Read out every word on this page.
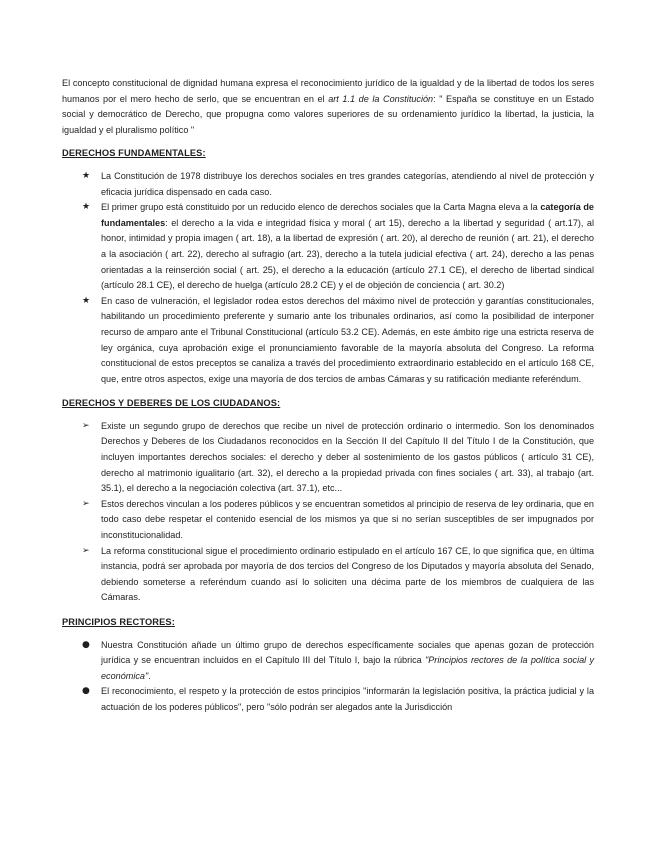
El concepto constitucional de dignidad humana expresa el reconocimiento jurídico de la igualdad y de la libertad de todos los seres humanos por el mero hecho de serlo, que se encuentran en el art 1.1 de la Constitución: " España se constituye en un Estado social y democrático de Derecho, que propugna como valores superiores de su ordenamiento jurídico la libertad, la justicia, la igualdad y el pluralismo político "

DERECHOS FUNDAMENTALES:
★	La Constitución de 1978 distribuye los derechos sociales en tres grandes categorías, atendiendo al nivel de protección y eficacia jurídica dispensado en cada caso.
★	El primer grupo está constituido por un reducido elenco de derechos sociales que la Carta Magna eleva a la categoría de fundamentales: el derecho a la vida e integridad física y moral ( art 15), derecho a la libertad y seguridad ( art.17), al honor, intimidad y propia imagen ( art. 18), a la libertad de expresión ( art. 20), al derecho de reunión ( art. 21), el derecho a la asociación ( art. 22), derecho al sufragio (art. 23), derecho a la tutela judicial efectiva ( art. 24), derecho a las penas orientadas a la reinserción social ( art. 25), el derecho a la educación (artículo 27.1 CE), el derecho de libertad sindical (artículo 28.1 CE), el derecho de huelga (artículo 28.2 CE) y el de objeción de conciencia ( art. 30.2)
★	En caso de vulneración, el legislador rodea estos derechos del máximo nivel de protección y garantías constitucionales, habilitando un procedimiento preferente y sumario ante los tribunales ordinarios, así como la posibilidad de interponer recurso de amparo ante el Tribunal Constitucional (artículo 53.2 CE). Además, en este ámbito rige una estricta reserva de ley orgánica, cuya aprobación exige el pronunciamiento favorable de la mayoría absoluta del Congreso. La reforma constitucional de estos preceptos se canaliza a través del procedimiento extraordinario establecido en el artículo 168 CE, que, entre otros aspectos, exige una mayoría de dos tercios de ambas Cámaras y su ratificación mediante referéndum.
DERECHOS Y DEBERES DE LOS CIUDADANOS:
➢	Existe un segundo grupo de derechos que recibe un nivel de protección ordinario o intermedio. Son los denominados Derechos y Deberes de los Ciudadanos reconocidos en la Sección II del Capítulo II del Título I de la Constitución, que incluyen importantes derechos sociales: el derecho y deber al sostenimiento de los gastos públicos ( artículo 31 CE), derecho al matrimonio igualitario (art. 32), el derecho a la propiedad privada con fines sociales ( art. 33), al trabajo (art. 35.1), el derecho a la negociación colectiva (art. 37.1), etc...
➢	Estos derechos vinculan a los poderes públicos y se encuentran sometidos al principio de reserva de ley ordinaria, que en todo caso debe respetar el contenido esencial de los mismos ya que si no serían susceptibles de ser impugnados por inconstitucionalidad.
➢	La reforma constitucional sigue el procedimiento ordinario estipulado en el artículo 167 CE, lo que significa que, en última instancia, podrá ser aprobada por mayoría de dos tercios del Congreso de los Diputados y mayoría absoluta del Senado, debiendo someterse a referéndum cuando así lo soliciten una décima parte de los miembros de cualquiera de las Cámaras.
PRINCIPIOS RECTORES:
●	Nuestra Constitución añade un último grupo de derechos específicamente sociales que apenas gozan de protección jurídica y se encuentran incluidos en el Capítulo III del Título I, bajo la rúbrica "Principios rectores de la política social y económica".
●	El reconocimiento, el respeto y la protección de estos principios "informarán la legislación positiva, la práctica judicial y la actuación de los poderes públicos", pero "sólo podrán ser alegados ante la Jurisdicción
